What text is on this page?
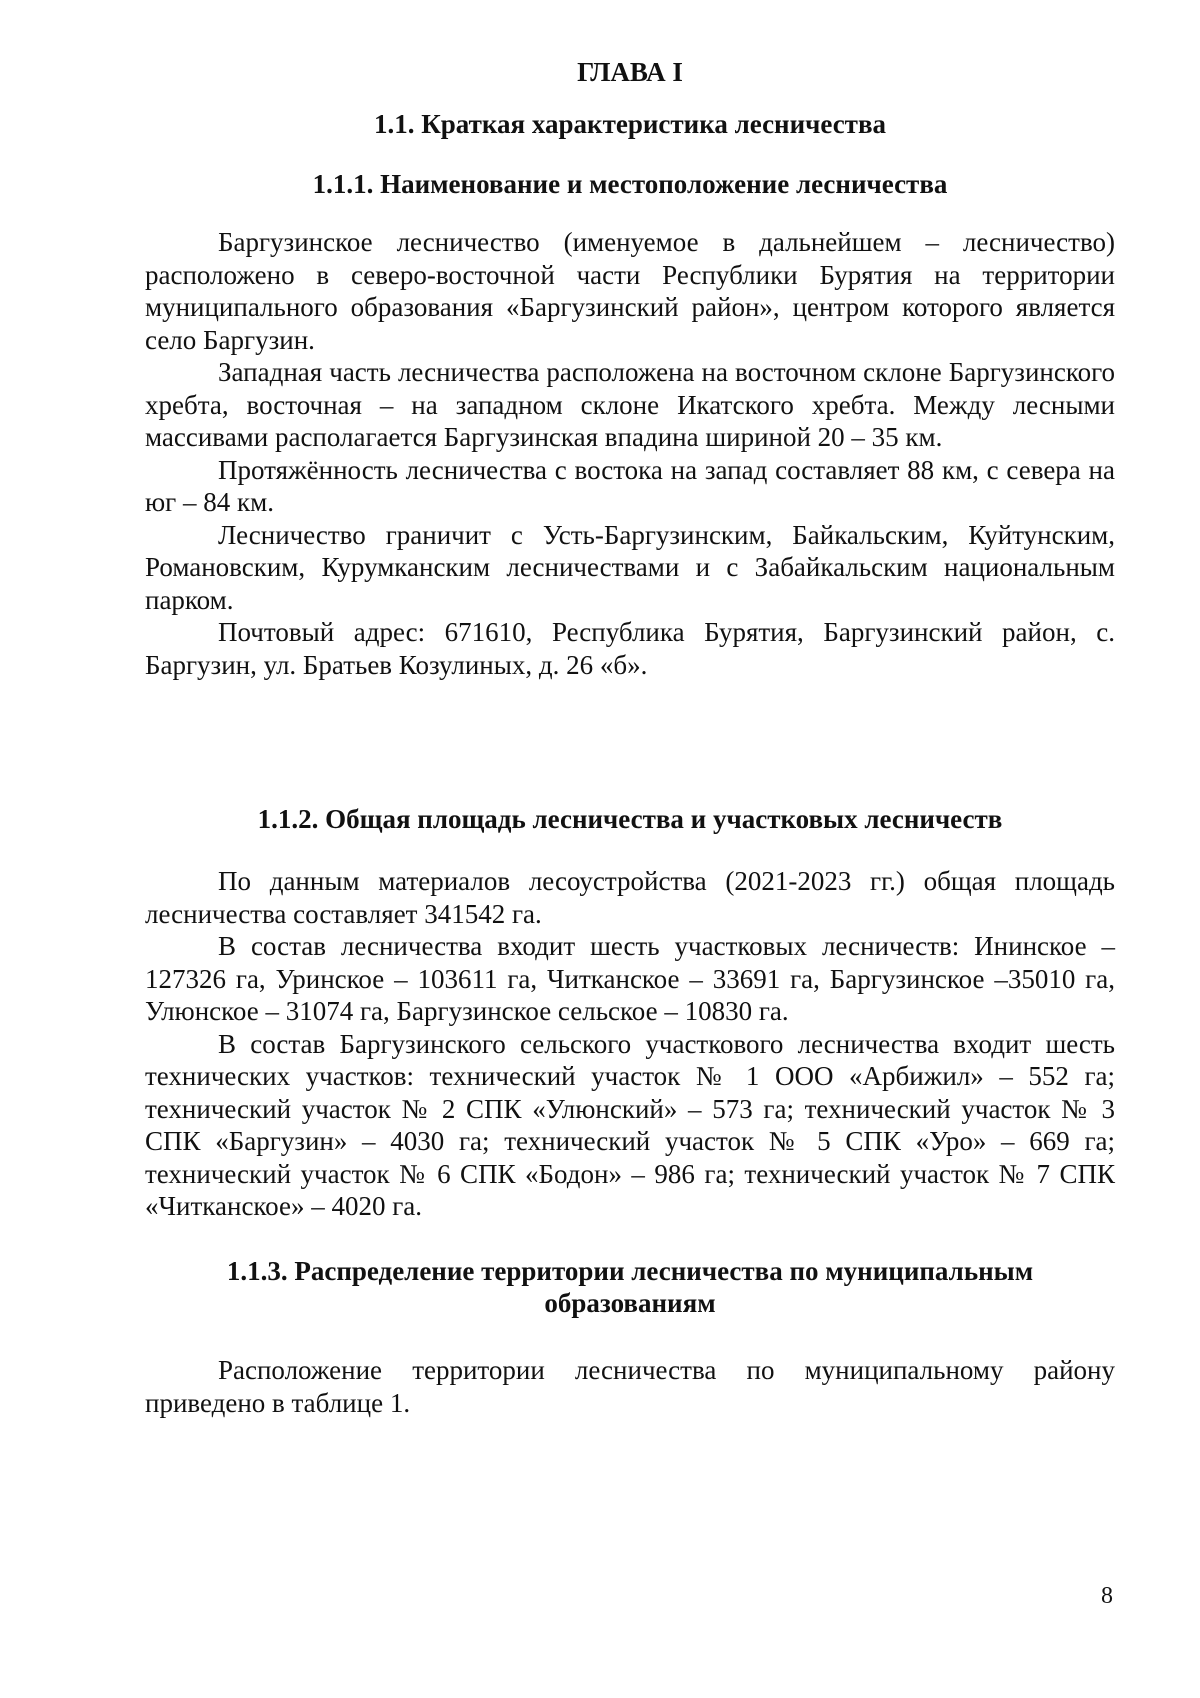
ГЛАВА I
1.1. Краткая характеристика лесничества
1.1.1. Наименование и местоположение лесничества

Баргузинское лесничество (именуемое в дальнейшем – лесничество) расположено в северо-восточной части Республики Бурятия на территории муниципального образования «Баргузинский район», центром которого является село Баргузин.

Западная часть лесничества расположена на восточном склоне Баргузинского хребта, восточная – на западном склоне Икатского хребта. Между лесными массивами располагается Баргузинская впадина шириной 20 – 35 км.

Протяжённость лесничества с востока на запад составляет 88 км, с севера на юг – 84 км.

Лесничество граничит с Усть-Баргузинским, Байкальским, Куйтунским, Романовским, Курумканским лесничествами и с Забайкальским национальным парком.

Почтовый адрес: 671610, Республика Бурятия, Баргузинский район, с. Баргузин, ул. Братьев Козулиных, д. 26 «б».

1.1.2. Общая площадь лесничества и участковых лесничеств

По данным материалов лесоустройства (2021-2023 гг.) общая площадь лесничества составляет 341542 га.

В состав лесничества входит шесть участковых лесничеств: Ининское – 127326 га, Уринское – 103611 га, Читканское – 33691 га, Баргузинское –35010 га, Улюнское – 31074 га, Баргузинское сельское – 10830 га.

В состав Баргузинского сельского участкового лесничества входит шесть технических участков: технический участок № 1 ООО «Арбижил» – 552 га; технический участок № 2 СПК «Улюнский» – 573 га; технический участок № 3 СПК «Баргузин» – 4030 га; технический участок № 5 СПК «Уро» – 669 га; технический участок № 6 СПК «Бодон» – 986 га; технический участок № 7 СПК «Читканское» – 4020 га.

1.1.3. Распределение территории лесничества по муниципальным
образованиям

Расположение территории лесничества по муниципальному району приведено в таблице 1.

8
